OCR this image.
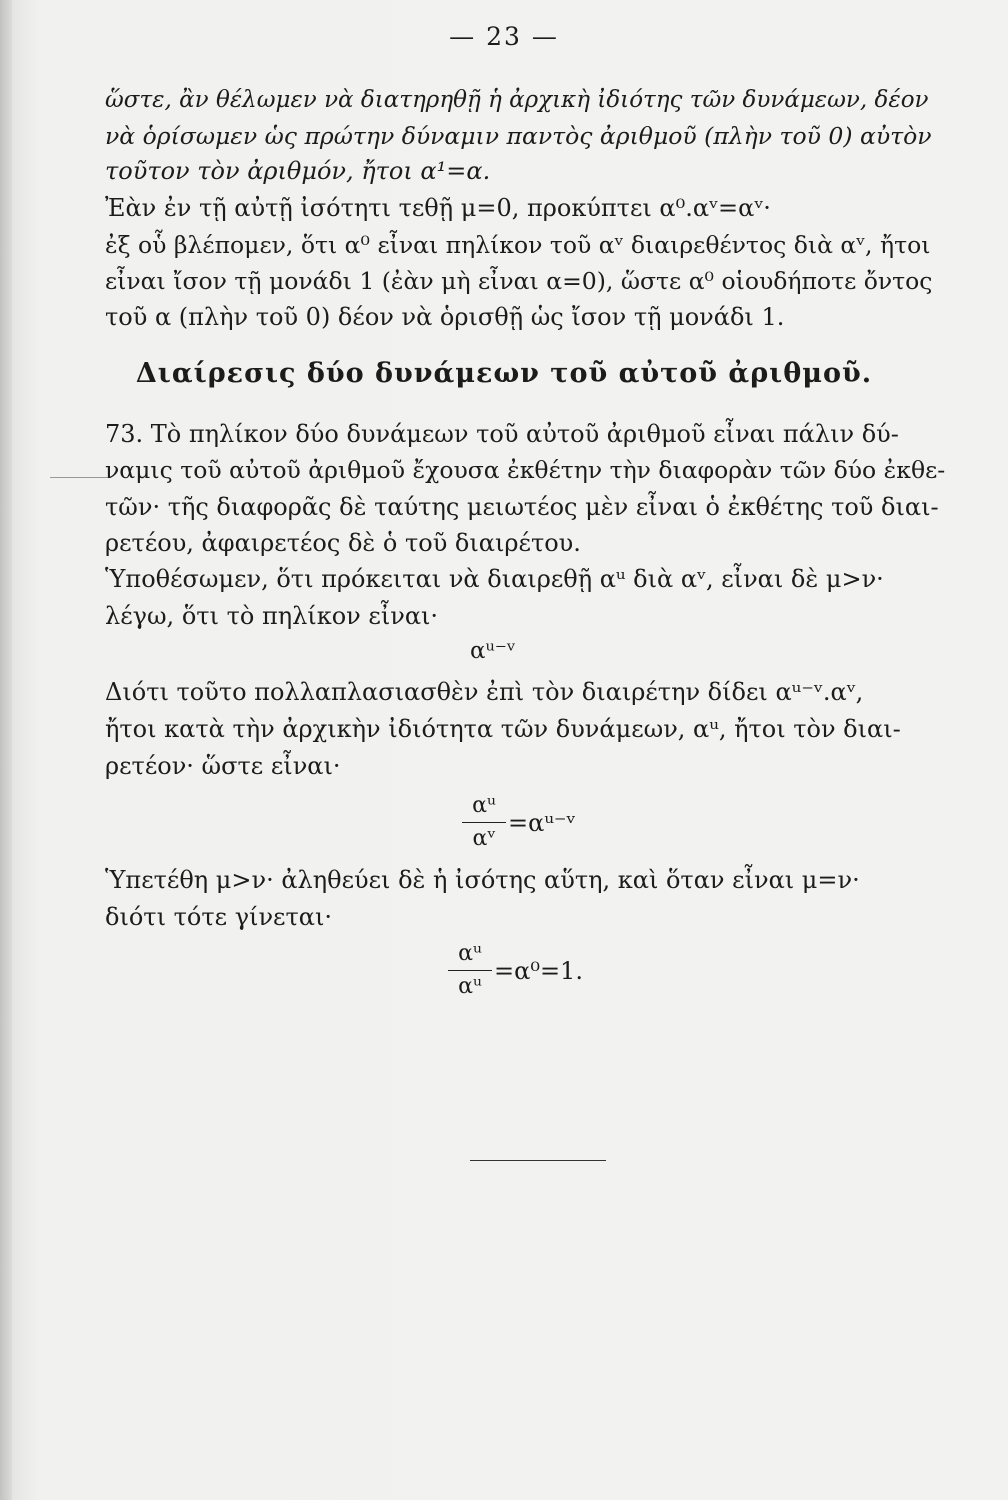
— 23 —
ὥστε, ἂν θέλωμεν νὰ διατηρηθῇ ἡ ἀρχικὴ ἰδιότης τῶν δυνάμεων, δέον
νὰ ὁρίσωμεν ὡς πρώτην δύναμιν παντὸς ἀριθμοῦ (πλὴν τοῦ 0) αὐτὸν
τοῦτον τὸν ἀριθμόν, ἤτοι α¹=α.
Ἐὰν ἐν τῇ αὐτῇ ἰσότητι τεθῇ μ=0, προκύπτει α⁰.αᵛ=αᵛ·
ἐξ οὗ βλέπομεν, ὅτι α⁰ εἶναι πηλίκον τοῦ αᵛ διαιρεθέντος διὰ αᵛ, ἤτοι
εἶναι ἴσον τῇ μονάδι 1 (ἐὰν μὴ εἶναι α=0), ὥστε α⁰ οἱουδήποτε ὄντος
τοῦ α (πλὴν τοῦ 0) δέον νὰ ὁρισθῇ ὡς ἴσον τῇ μονάδι 1.
Διαίρεσις δύο δυνάμεων τοῦ αὐτοῦ ἀριθμοῦ.
73. Τὸ πηλίκον δύο δυνάμεων τοῦ αὐτοῦ ἀριθμοῦ εἶναι πάλιν δύ-
ναμις τοῦ αὐτοῦ ἀριθμοῦ ἔχουσα ἐκθέτην τὴν διαφορὰν τῶν δύο ἐκθε-
τῶν· τῆς διαφορᾶς δὲ ταύτης μειωτέος μὲν εἶναι ὁ ἐκθέτης τοῦ διαι-
ρετέου, ἀφαιρετέος δὲ ὁ τοῦ διαιρέτου.
Ὑποθέσωμεν, ὅτι πρόκειται νὰ διαιρεθῇ αᵘ διὰ αᵛ, εἶναι δὲ μ>ν·
λέγω, ὅτι τὸ πηλίκον εἶναι·
αᵘ⁻ᵛ
Διότι τοῦτο πολλαπλασιασθὲν ἐπὶ τὸν διαιρέτην δίδει αᵘ⁻ᵛ.αᵛ,
ἤτοι κατὰ τὴν ἀρχικὴν ἰδιότητα τῶν δυνάμεων, αᵘ, ἤτοι τὸν διαι-
ρετέον· ὥστε εἶναι·
αᵘ
αᵛ
=αᵘ⁻ᵛ
Ὑπετέθη μ>ν· ἀληθεύει δὲ ἡ ἰσότης αὕτη, καὶ ὅταν εἶναι μ=ν·
διότι τότε γίνεται·
αᵘ
αᵘ
=α⁰=1.
